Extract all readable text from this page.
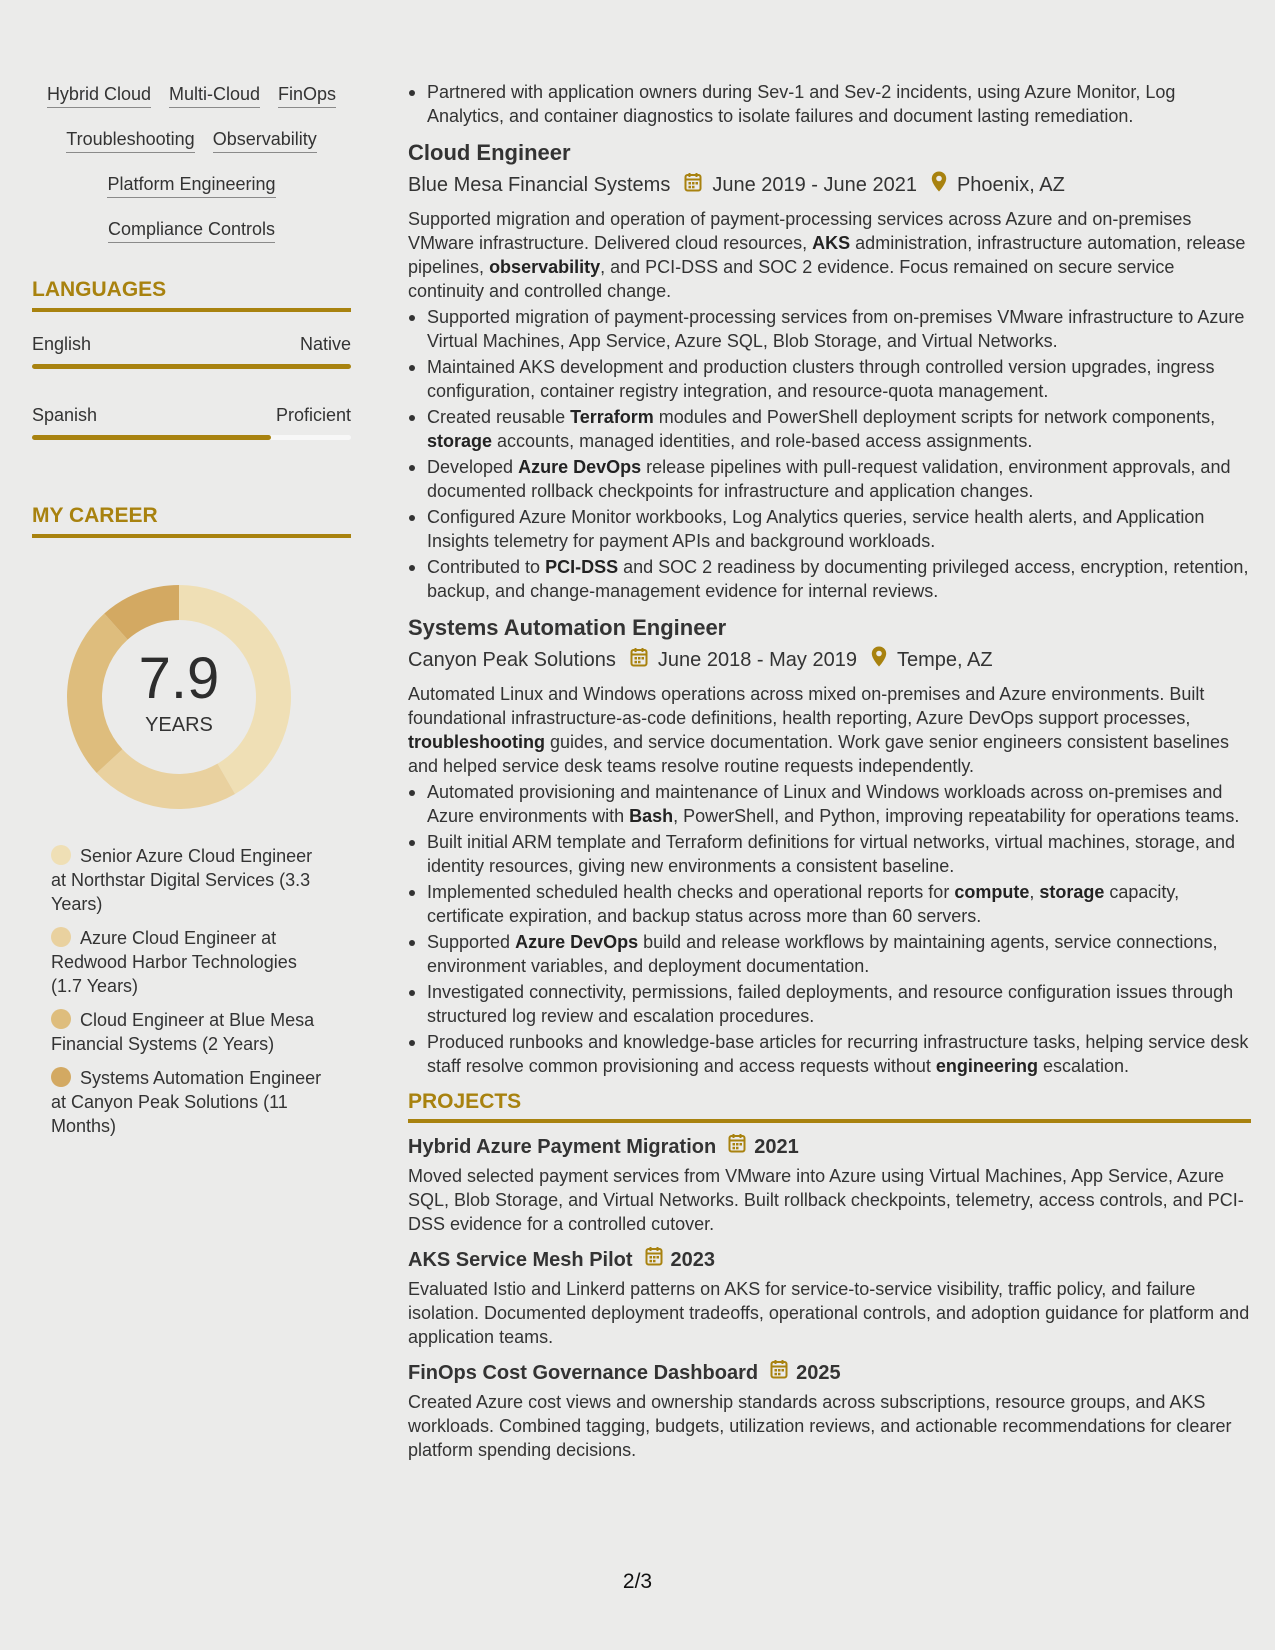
Hybrid Cloud Multi-Cloud FinOps
Troubleshooting Observability
Platform Engineering
Compliance Controls
LANGUAGES
English	Native
Spanish	Proficient
MY CAREER
7.9
YEARS
Senior Azure Cloud Engineer at Northstar Digital Services (3.3 Years)
Azure Cloud Engineer at Redwood Harbor Technologies (1.7 Years)
Cloud Engineer at Blue Mesa Financial Systems (2 Years)
Systems Automation Engineer at Canyon Peak Solutions (11 Months)
Partnered with application owners during Sev-1 and Sev-2 incidents, using Azure Monitor, Log Analytics, and container diagnostics to isolate failures and document lasting remediation.
Cloud Engineer
Blue Mesa Financial Systems June 2019 - June 2021 Phoenix, AZ
Supported migration and operation of payment-processing services across Azure and on-premises VMware infrastructure. Delivered cloud resources, AKS administration, infrastructure automation, release pipelines, observability, and PCI-DSS and SOC 2 evidence. Focus remained on secure service continuity and controlled change.
Supported migration of payment-processing services from on-premises VMware infrastructure to Azure Virtual Machines, App Service, Azure SQL, Blob Storage, and Virtual Networks.
Maintained AKS development and production clusters through controlled version upgrades, ingress configuration, container registry integration, and resource-quota management.
Created reusable Terraform modules and PowerShell deployment scripts for network components, storage accounts, managed identities, and role-based access assignments.
Developed Azure DevOps release pipelines with pull-request validation, environment approvals, and documented rollback checkpoints for infrastructure and application changes.
Configured Azure Monitor workbooks, Log Analytics queries, service health alerts, and Application Insights telemetry for payment APIs and background workloads.
Contributed to PCI-DSS and SOC 2 readiness by documenting privileged access, encryption, retention, backup, and change-management evidence for internal reviews.
Systems Automation Engineer
Canyon Peak Solutions June 2018 - May 2019 Tempe, AZ
Automated Linux and Windows operations across mixed on-premises and Azure environments. Built foundational infrastructure-as-code definitions, health reporting, Azure DevOps support processes, troubleshooting guides, and service documentation. Work gave senior engineers consistent baselines and helped service desk teams resolve routine requests independently.
Automated provisioning and maintenance of Linux and Windows workloads across on-premises and Azure environments with Bash, PowerShell, and Python, improving repeatability for operations teams.
Built initial ARM template and Terraform definitions for virtual networks, virtual machines, storage, and identity resources, giving new environments a consistent baseline.
Implemented scheduled health checks and operational reports for compute, storage capacity, certificate expiration, and backup status across more than 60 servers.
Supported Azure DevOps build and release workflows by maintaining agents, service connections, environment variables, and deployment documentation.
Investigated connectivity, permissions, failed deployments, and resource configuration issues through structured log review and escalation procedures.
Produced runbooks and knowledge-base articles for recurring infrastructure tasks, helping service desk staff resolve common provisioning and access requests without engineering escalation.
PROJECTS
Hybrid Azure Payment Migration 2021
Moved selected payment services from VMware into Azure using Virtual Machines, App Service, Azure SQL, Blob Storage, and Virtual Networks. Built rollback checkpoints, telemetry, access controls, and PCI-DSS evidence for a controlled cutover.
AKS Service Mesh Pilot 2023
Evaluated Istio and Linkerd patterns on AKS for service-to-service visibility, traffic policy, and failure isolation. Documented deployment tradeoffs, operational controls, and adoption guidance for platform and application teams.
FinOps Cost Governance Dashboard 2025
Created Azure cost views and ownership standards across subscriptions, resource groups, and AKS workloads. Combined tagging, budgets, utilization reviews, and actionable recommendations for clearer platform spending decisions.
2/3
